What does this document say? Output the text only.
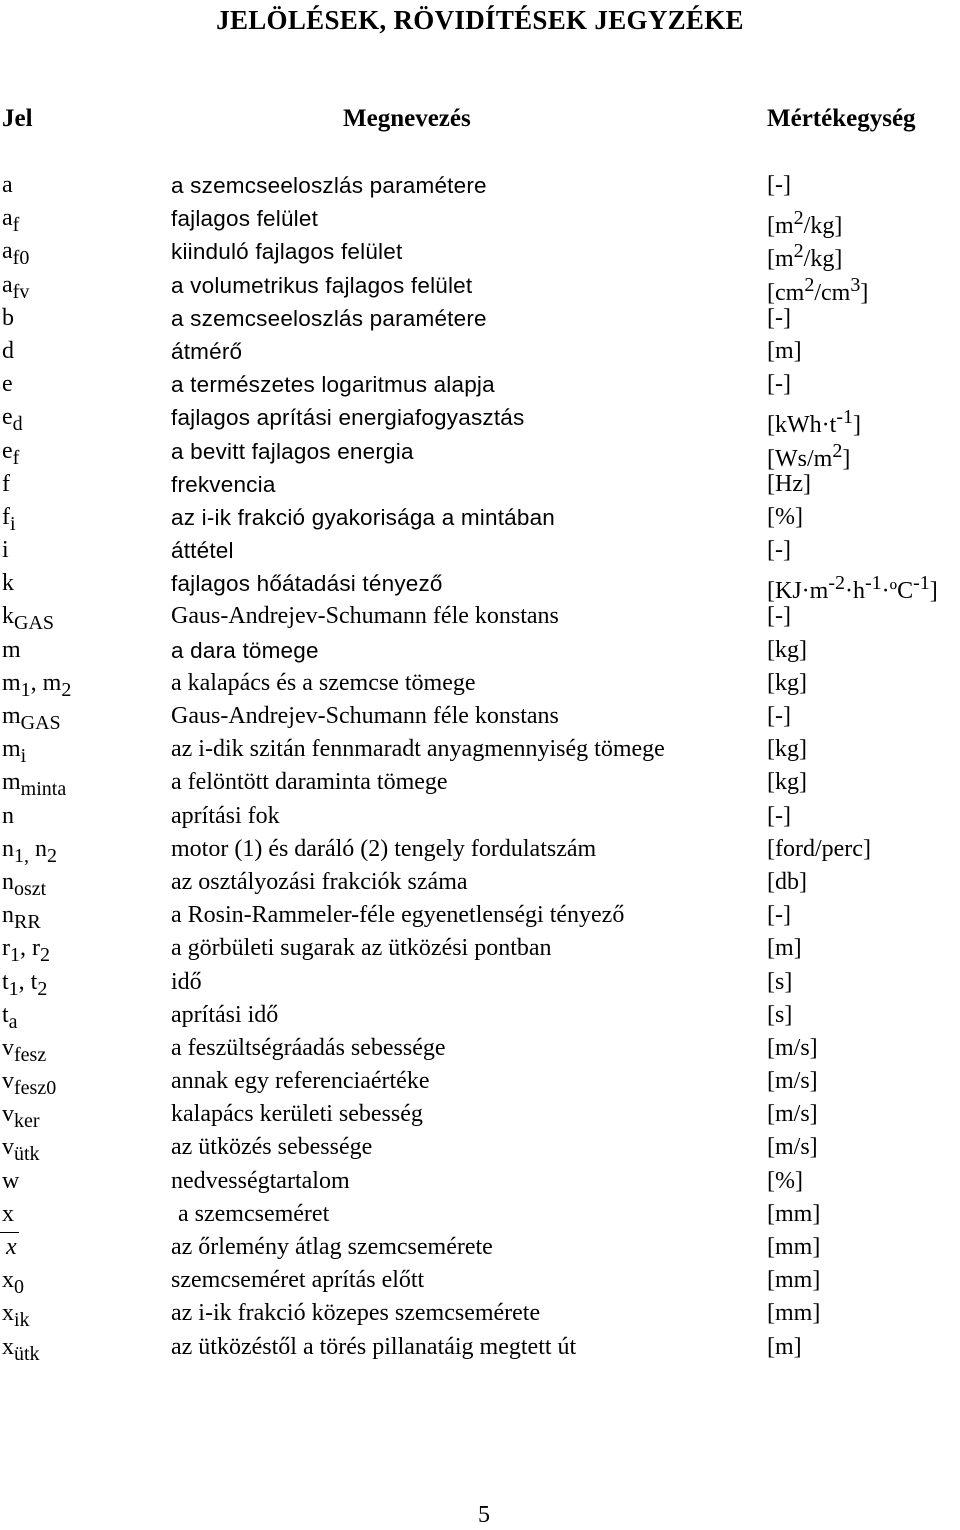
JELÖLÉSEK, RÖVIDÍTÉSEK JEGYZÉKE
Jel	Megnevezés	Mértékegység
a	a szemcseeloszlás paramétere	[-]
$a_f$	fajlagos felület	$[m^2/kg]$
$a_{f0}$	kiinduló fajlagos felület	$[m^2/kg]$
$a_{fv}$	a volumetrikus fajlagos felület	$[cm^2/cm^3]$
b	a szemcseeloszlás paramétere	[-]
d	átmérő	[m]
e	a természetes logaritmus alapja	[-]
$e_d$	fajlagos aprítási energiafogyasztás	$[kWh\cdot t^{-1}]$
$e_f$	a bevitt fajlagos energia	$[Ws/m^2]$
f	frekvencia	[Hz]
$f_i$	az i-ik frakció gyakorisága a mintában	[%]
i	áttétel	[-]
k	fajlagos hőátadási tényező	$[KJ\cdot m^{-2}\cdot h^{-1}\cdot ºC^{-1}]$
$k_{GAS}$	Gaus-Andrejev-Schumann féle konstans	[-]
m	a dara tömege	[kg]
$m_1$, $m_2$	a kalapács és a szemcse tömege	[kg]
$m_{GAS}$	Gaus-Andrejev-Schumann féle konstans	[-]
$m_i$	az i-dik szitán fennmaradt anyagmennyiség tömege	[kg]
$m_{minta}$	a felöntött daraminta tömege	[kg]
n	aprítási fok	[-]
$n_{1,}$ $n_2$	motor (1) és daráló (2) tengely fordulatszám	[ford/perc]
$n_{oszt}$	az osztályozási frakciók száma	[db]
$n_{RR}$	a Rosin-Rammeler-féle egyenetlenségi tényező	[-]
$r_1$, $r_2$	a görbületi sugarak az ütközési pontban	[m]
$t_1$, $t_2$	idő	[s]
$t_a$	aprítási idő	[s]
$v_{fesz}$	a feszültségráadás sebessége	[m/s]
$v_{fesz0}$	annak egy referenciaértéke	[m/s]
$v_{ker}$	kalapács kerületi sebesség	[m/s]
$v_{ütk}$	az ütközés sebessége	[m/s]
w	nedvességtartalom	[%]
x	a szemcseméret	[mm]
x	az őrlemény átlag szemcsemérete	[mm]
$x_0$	szemcseméret aprítás előtt	[mm]
$x_{ik}$	az i-ik frakció közepes szemcsemérete	[mm]
$x_{ütk}$	az ütközéstől a törés pillanatáig megtett út	[m]
5
